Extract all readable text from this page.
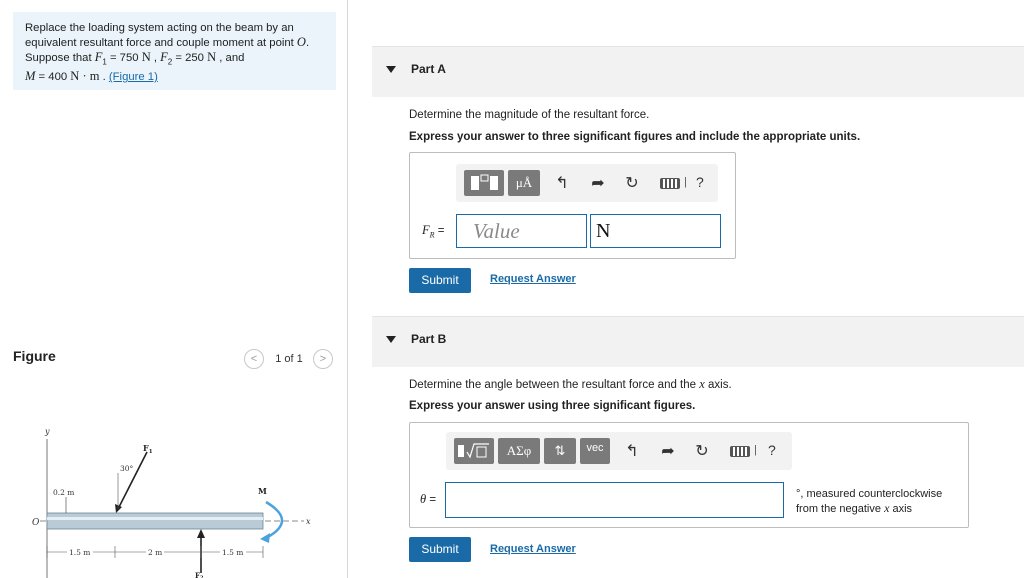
Replace the loading system acting on the beam by an
equivalent resultant force and couple moment at point O.
Suppose that $F_1 = 750$ N , $F_2 = 250$ N , and
M = 400 N · m . (Figure 1)
Figure	<	1 of 1	>
y
O	x
0.2 m
$F_1$
30°
F2
M
1.5 m	2 m	1.5 m
Part A
Determine the magnitude of the resultant force.
Express your answer to three significant figures and include the appropriate units.
μÅ	↰ ➦ ↻	| ?
$F_R$ =	Value	N
Submit	Request Answer
Part B
Determine the angle between the resultant force and the x axis.
Express your answer using three significant figures.
ΑΣφ	⇅	vec	↰ ➦ ↻	| ?
θ =	°, measured counterclockwise
from the negative x axis
Submit	Request Answer
